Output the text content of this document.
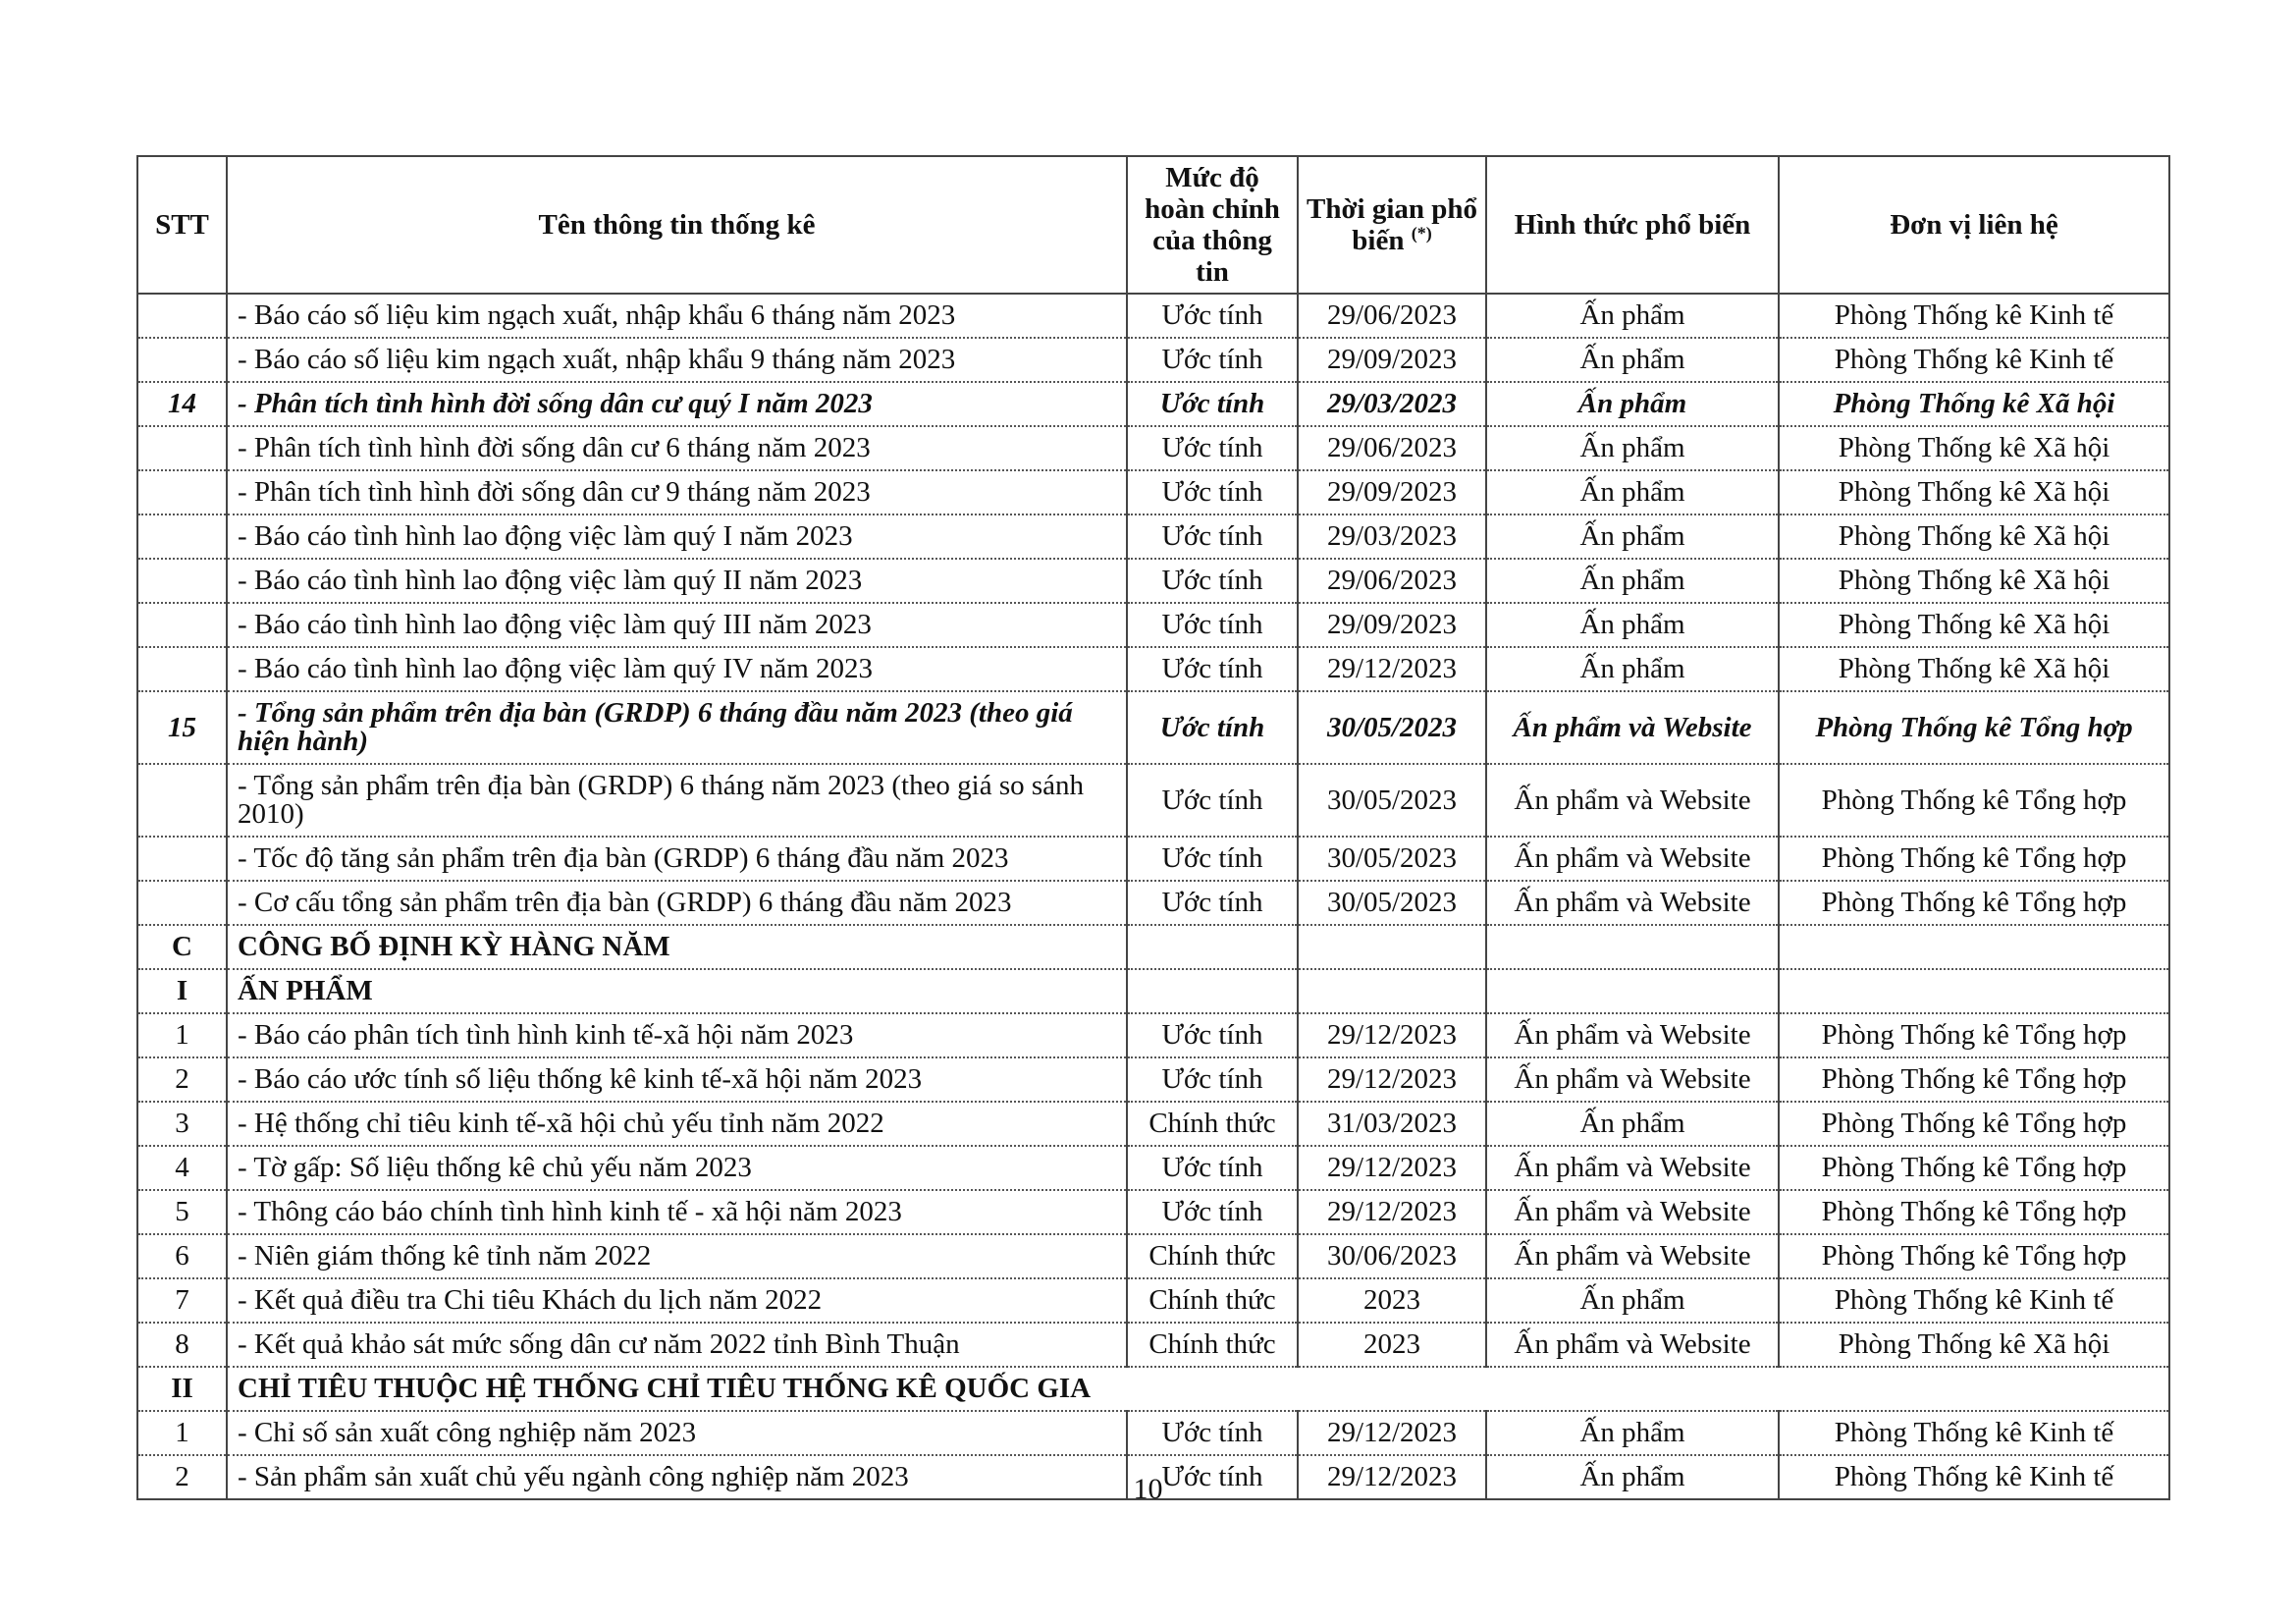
STT	Tên thông tin thống kê	Mức độ hoàn chỉnh của thông tin	Thời gian phổ biến (*)	Hình thức phổ biến	Đơn vị liên hệ
	- Báo cáo số liệu kim ngạch xuất, nhập khẩu 6 tháng năm 2023	Ước tính	29/06/2023	Ấn phẩm	Phòng Thống kê Kinh tế
	- Báo cáo số liệu kim ngạch xuất, nhập khẩu 9 tháng năm 2023	Ước tính	29/09/2023	Ấn phẩm	Phòng Thống kê Kinh tế
14	- Phân tích tình hình đời sống dân cư quý I năm 2023	Ước tính	29/03/2023	Ấn phẩm	Phòng Thống kê Xã hội
	- Phân tích tình hình đời sống dân cư 6 tháng năm 2023	Ước tính	29/06/2023	Ấn phẩm	Phòng Thống kê Xã hội
	- Phân tích tình hình đời sống dân cư 9 tháng năm 2023	Ước tính	29/09/2023	Ấn phẩm	Phòng Thống kê Xã hội
	- Báo cáo tình hình lao động việc làm quý I năm 2023	Ước tính	29/03/2023	Ấn phẩm	Phòng Thống kê Xã hội
	- Báo cáo tình hình lao động việc làm quý II năm 2023	Ước tính	29/06/2023	Ấn phẩm	Phòng Thống kê Xã hội
	- Báo cáo tình hình lao động việc làm quý III năm 2023	Ước tính	29/09/2023	Ấn phẩm	Phòng Thống kê Xã hội
	- Báo cáo tình hình lao động việc làm quý IV năm 2023	Ước tính	29/12/2023	Ấn phẩm	Phòng Thống kê Xã hội
15	- Tổng sản phẩm trên địa bàn (GRDP) 6 tháng đầu năm 2023 (theo giá hiện hành)	Ước tính	30/05/2023	Ấn phẩm và Website	Phòng Thống kê Tổng hợp
	- Tổng sản phẩm trên địa bàn (GRDP) 6 tháng năm 2023 (theo giá so sánh 2010)	Ước tính	30/05/2023	Ấn phẩm và Website	Phòng Thống kê Tổng hợp
	- Tốc độ tăng sản phẩm trên địa bàn (GRDP) 6 tháng đầu năm 2023	Ước tính	30/05/2023	Ấn phẩm và Website	Phòng Thống kê Tổng hợp
	- Cơ cấu tổng sản phẩm trên địa bàn (GRDP) 6 tháng đầu năm 2023	Ước tính	30/05/2023	Ấn phẩm và Website	Phòng Thống kê Tổng hợp
C	CÔNG BỐ ĐỊNH KỲ HÀNG NĂM				
I	ẤN PHẨM				
1	- Báo cáo phân tích tình hình kinh tế-xã hội năm 2023	Ước tính	29/12/2023	Ấn phẩm và Website	Phòng Thống kê Tổng hợp
2	- Báo cáo ước tính số liệu thống kê kinh tế-xã hội năm 2023	Ước tính	29/12/2023	Ấn phẩm và Website	Phòng Thống kê Tổng hợp
3	- Hệ thống chỉ tiêu kinh tế-xã hội chủ yếu tỉnh năm 2022	Chính thức	31/03/2023	Ấn phẩm	Phòng Thống kê Tổng hợp
4	- Tờ gấp: Số liệu thống kê chủ yếu năm 2023	Ước tính	29/12/2023	Ấn phẩm và Website	Phòng Thống kê Tổng hợp
5	- Thông cáo báo chính tình hình kinh tế - xã hội năm 2023	Ước tính	29/12/2023	Ấn phẩm và Website	Phòng Thống kê Tổng hợp
6	- Niên giám thống kê tỉnh năm 2022	Chính thức	30/06/2023	Ấn phẩm và Website	Phòng Thống kê Tổng hợp
7	- Kết quả điều tra Chi tiêu Khách du lịch năm 2022	Chính thức	2023	Ấn phẩm	Phòng Thống kê Kinh tế
8	- Kết quả khảo sát mức sống dân cư năm 2022 tỉnh Bình Thuận	Chính thức	2023	Ấn phẩm và Website	Phòng Thống kê Xã hội
II	CHỈ TIÊU THUỘC HỆ THỐNG CHỈ TIÊU THỐNG KÊ QUỐC GIA				
1	- Chỉ số sản xuất công nghiệp năm 2023	Ước tính	29/12/2023	Ấn phẩm	Phòng Thống kê Kinh tế
2	- Sản phẩm sản xuất chủ yếu ngành công nghiệp năm 2023	Ước tính	29/12/2023	Ấn phẩm	Phòng Thống kê Kinh tế
10
